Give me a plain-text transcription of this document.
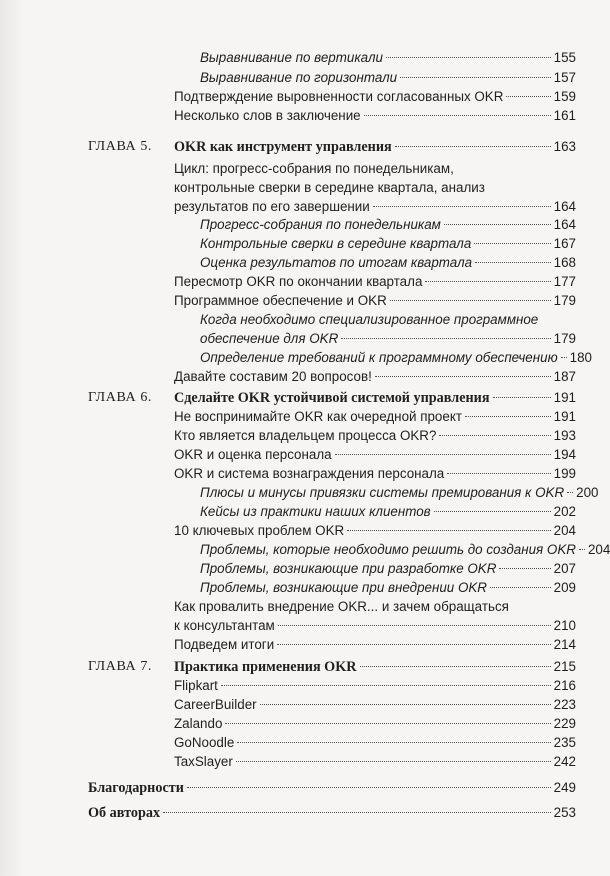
Выравнивание по вертикали	155
Выравнивание по горизонтали	157
Подтверждение выровненности согласованных OKR	159
Несколько слов в заключение	161
ГЛАВА 5. OKR как инструмент управления	163
Цикл: прогресс-собрания по понедельникам,
контрольные сверки в середине квартала, анализ
результатов по его завершении	164
Прогресс-собрания по понедельникам	164
Контрольные сверки в середине квартала	167
Оценка результатов по итогам квартала	168
Пересмотр OKR по окончании квартала	177
Программное обеспечение и OKR	179
Когда необходимо специализированное программное
обеспечение для OKR	179
Определение требований к программному обеспечению 180
Давайте составим 20 вопросов!	187
ГЛАВА 6. Сделайте OKR устойчивой системой управления	191
Не воспринимайте OKR как очередной проект	191
Кто является владельцем процесса OKR?	193
OKR и оценка персонала	194
OKR и система вознаграждения персонала	199
Плюсы и минусы привязки системы премирования к OKR 200
Кейсы из практики наших клиентов	202
10 ключевых проблем OKR	204
Проблемы, которые необходимо решить до создания OKR 204
Проблемы, возникающие при разработке OKR	207
Проблемы, возникающие при внедрении OKR	209
Как провалить внедрение OKR... и зачем обращаться
к консультантам	210
Подведем итоги	214
ГЛАВА 7. Практика применения OKR	215
Flipkart	216
CareerBuilder	223
Zalando	229
GoNoodle	235
TaxSlayer	242
Благодарности	249
Об авторах	253
